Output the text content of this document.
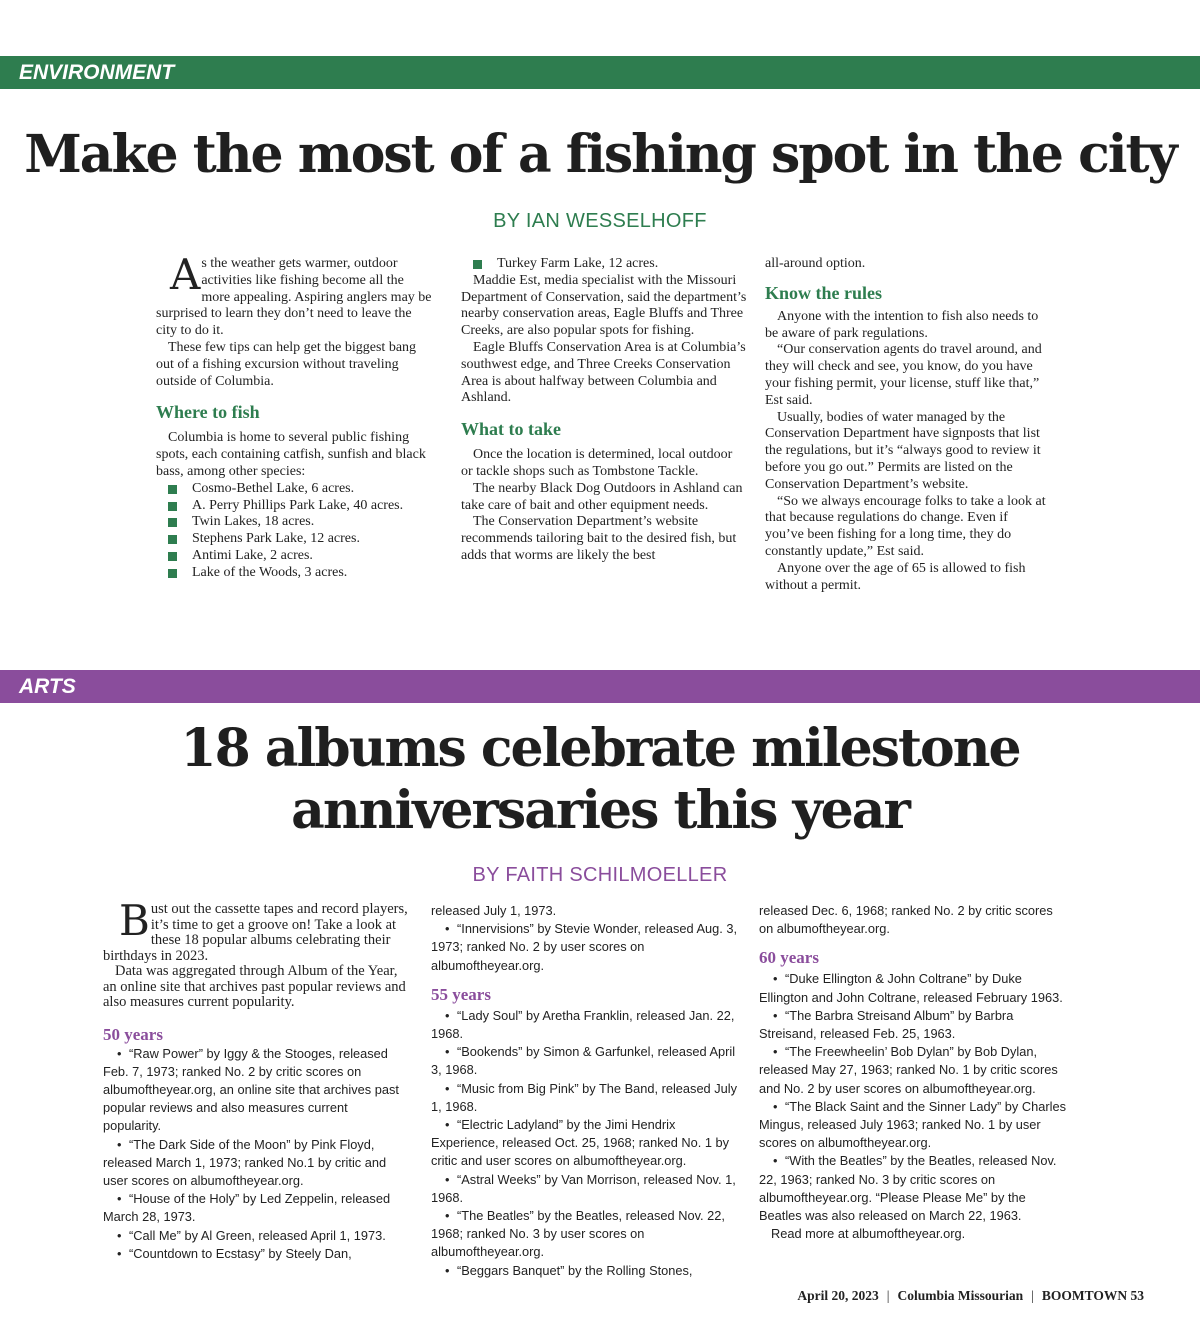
ENVIRONMENT
Make the most of a fishing spot in the city
BY IAN WESSELHOFF

As the weather gets warmer, outdoor activities like fishing become all the more appealing. Aspiring anglers may be surprised to learn they don’t need to leave the city to do it.

These few tips can help get the biggest bang out of a fishing excursion without traveling outside of Columbia.

Where to fish

Columbia is home to several public fishing spots, each containing catfish, sunfish and black bass, among other species:

Cosmo-Bethel Lake, 6 acres.
A. Perry Phillips Park Lake, 40 acres.
Twin Lakes, 18 acres.
Stephens Park Lake, 12 acres.
Antimi Lake, 2 acres.
Lake of the Woods, 3 acres.
Turkey Farm Lake, 12 acres.

Maddie Est, media specialist with the Missouri Department of Conservation, said the department’s nearby conservation areas, Eagle Bluffs and Three Creeks, are also popular spots for fishing.

Eagle Bluffs Conservation Area is at Columbia’s southwest edge, and Three Creeks Conservation Area is about halfway between Columbia and Ashland.

What to take

Once the location is determined, local outdoor or tackle shops such as Tombstone Tackle.

The nearby Black Dog Outdoors in Ashland can take care of bait and other equipment needs.

The Conservation Department’s website recommends tailoring bait to the desired fish, but adds that worms are likely the best

all-around option.

Know the rules

Anyone with the intention to fish also needs to be aware of park regulations.

“Our conservation agents do travel around, and they will check and see, you know, do you have your fishing permit, your license, stuff like that,” Est said.

Usually, bodies of water managed by the Conservation Department have signposts that list the regulations, but it’s “always good to review it before you go out.” Permits are listed on the Conservation Department’s website.

“So we always encourage folks to take a look at that because regulations do change. Even if you’ve been fishing for a long time, they do constantly update,” Est said.

Anyone over the age of 65 is allowed to fish without a permit.

ARTS
18 albums celebrate milestone
anniversaries this year
BY FAITH SCHILMOELLER

Bust out the cassette tapes and record players, it’s time to get a groove on! Take a look at these 18 popular albums celebrating their birthdays in 2023.

Data was aggregated through Album of the Year, an online site that archives past popular reviews and also measures current popularity.

50 years
• “Raw Power” by Iggy & the Stooges, released Feb. 7, 1973; ranked No. 2 by critic scores on albumoftheyear.org, an online site that archives past popular reviews and also measures current popularity.
• “The Dark Side of the Moon” by Pink Floyd, released March 1, 1973; ranked No.1 by critic and user scores on albumoftheyear.org.
• “House of the Holy” by Led Zeppelin, released March 28, 1973.
• “Call Me” by Al Green, released April 1, 1973.
• “Countdown to Ecstasy” by Steely Dan,

released July 1, 1973.

• “Innervisions” by Stevie Wonder, released Aug. 3, 1973; ranked No. 2 by user scores on albumoftheyear.org.
55 years
• “Lady Soul” by Aretha Franklin, released Jan. 22, 1968.
• “Bookends” by Simon & Garfunkel, released April 3, 1968.
• “Music from Big Pink” by The Band, released July 1, 1968.
• “Electric Ladyland” by the Jimi Hendrix Experience, released Oct. 25, 1968; ranked No. 1 by critic and user scores on albumoftheyear.org.
• “Astral Weeks” by Van Morrison, released Nov. 1, 1968.
• “The Beatles” by the Beatles, released Nov. 22, 1968; ranked No. 3 by user scores on albumoftheyear.org.
• “Beggars Banquet” by the Rolling Stones,

released Dec. 6, 1968; ranked No. 2 by critic scores on albumoftheyear.org.

60 years
• “Duke Ellington & John Coltrane” by Duke Ellington and John Coltrane, released February 1963.
• “The Barbra Streisand Album” by Barbra Streisand, released Feb. 25, 1963.
• “The Freewheelin’ Bob Dylan” by Bob Dylan, released May 27, 1963; ranked No. 1 by critic scores and No. 2 by user scores on albumoftheyear.org.
• “The Black Saint and the Sinner Lady” by Charles Mingus, released July 1963; ranked No. 1 by user scores on albumoftheyear.org.
• “With the Beatles” by the Beatles, released Nov. 22, 1963; ranked No. 3 by critic scores on albumoftheyear.org. “Please Please Me” by the Beatles was also released on March 22, 1963.

Read more at albumoftheyear.org.

April 20, 2023 | Columbia Missourian | BOOMTOWN 53
